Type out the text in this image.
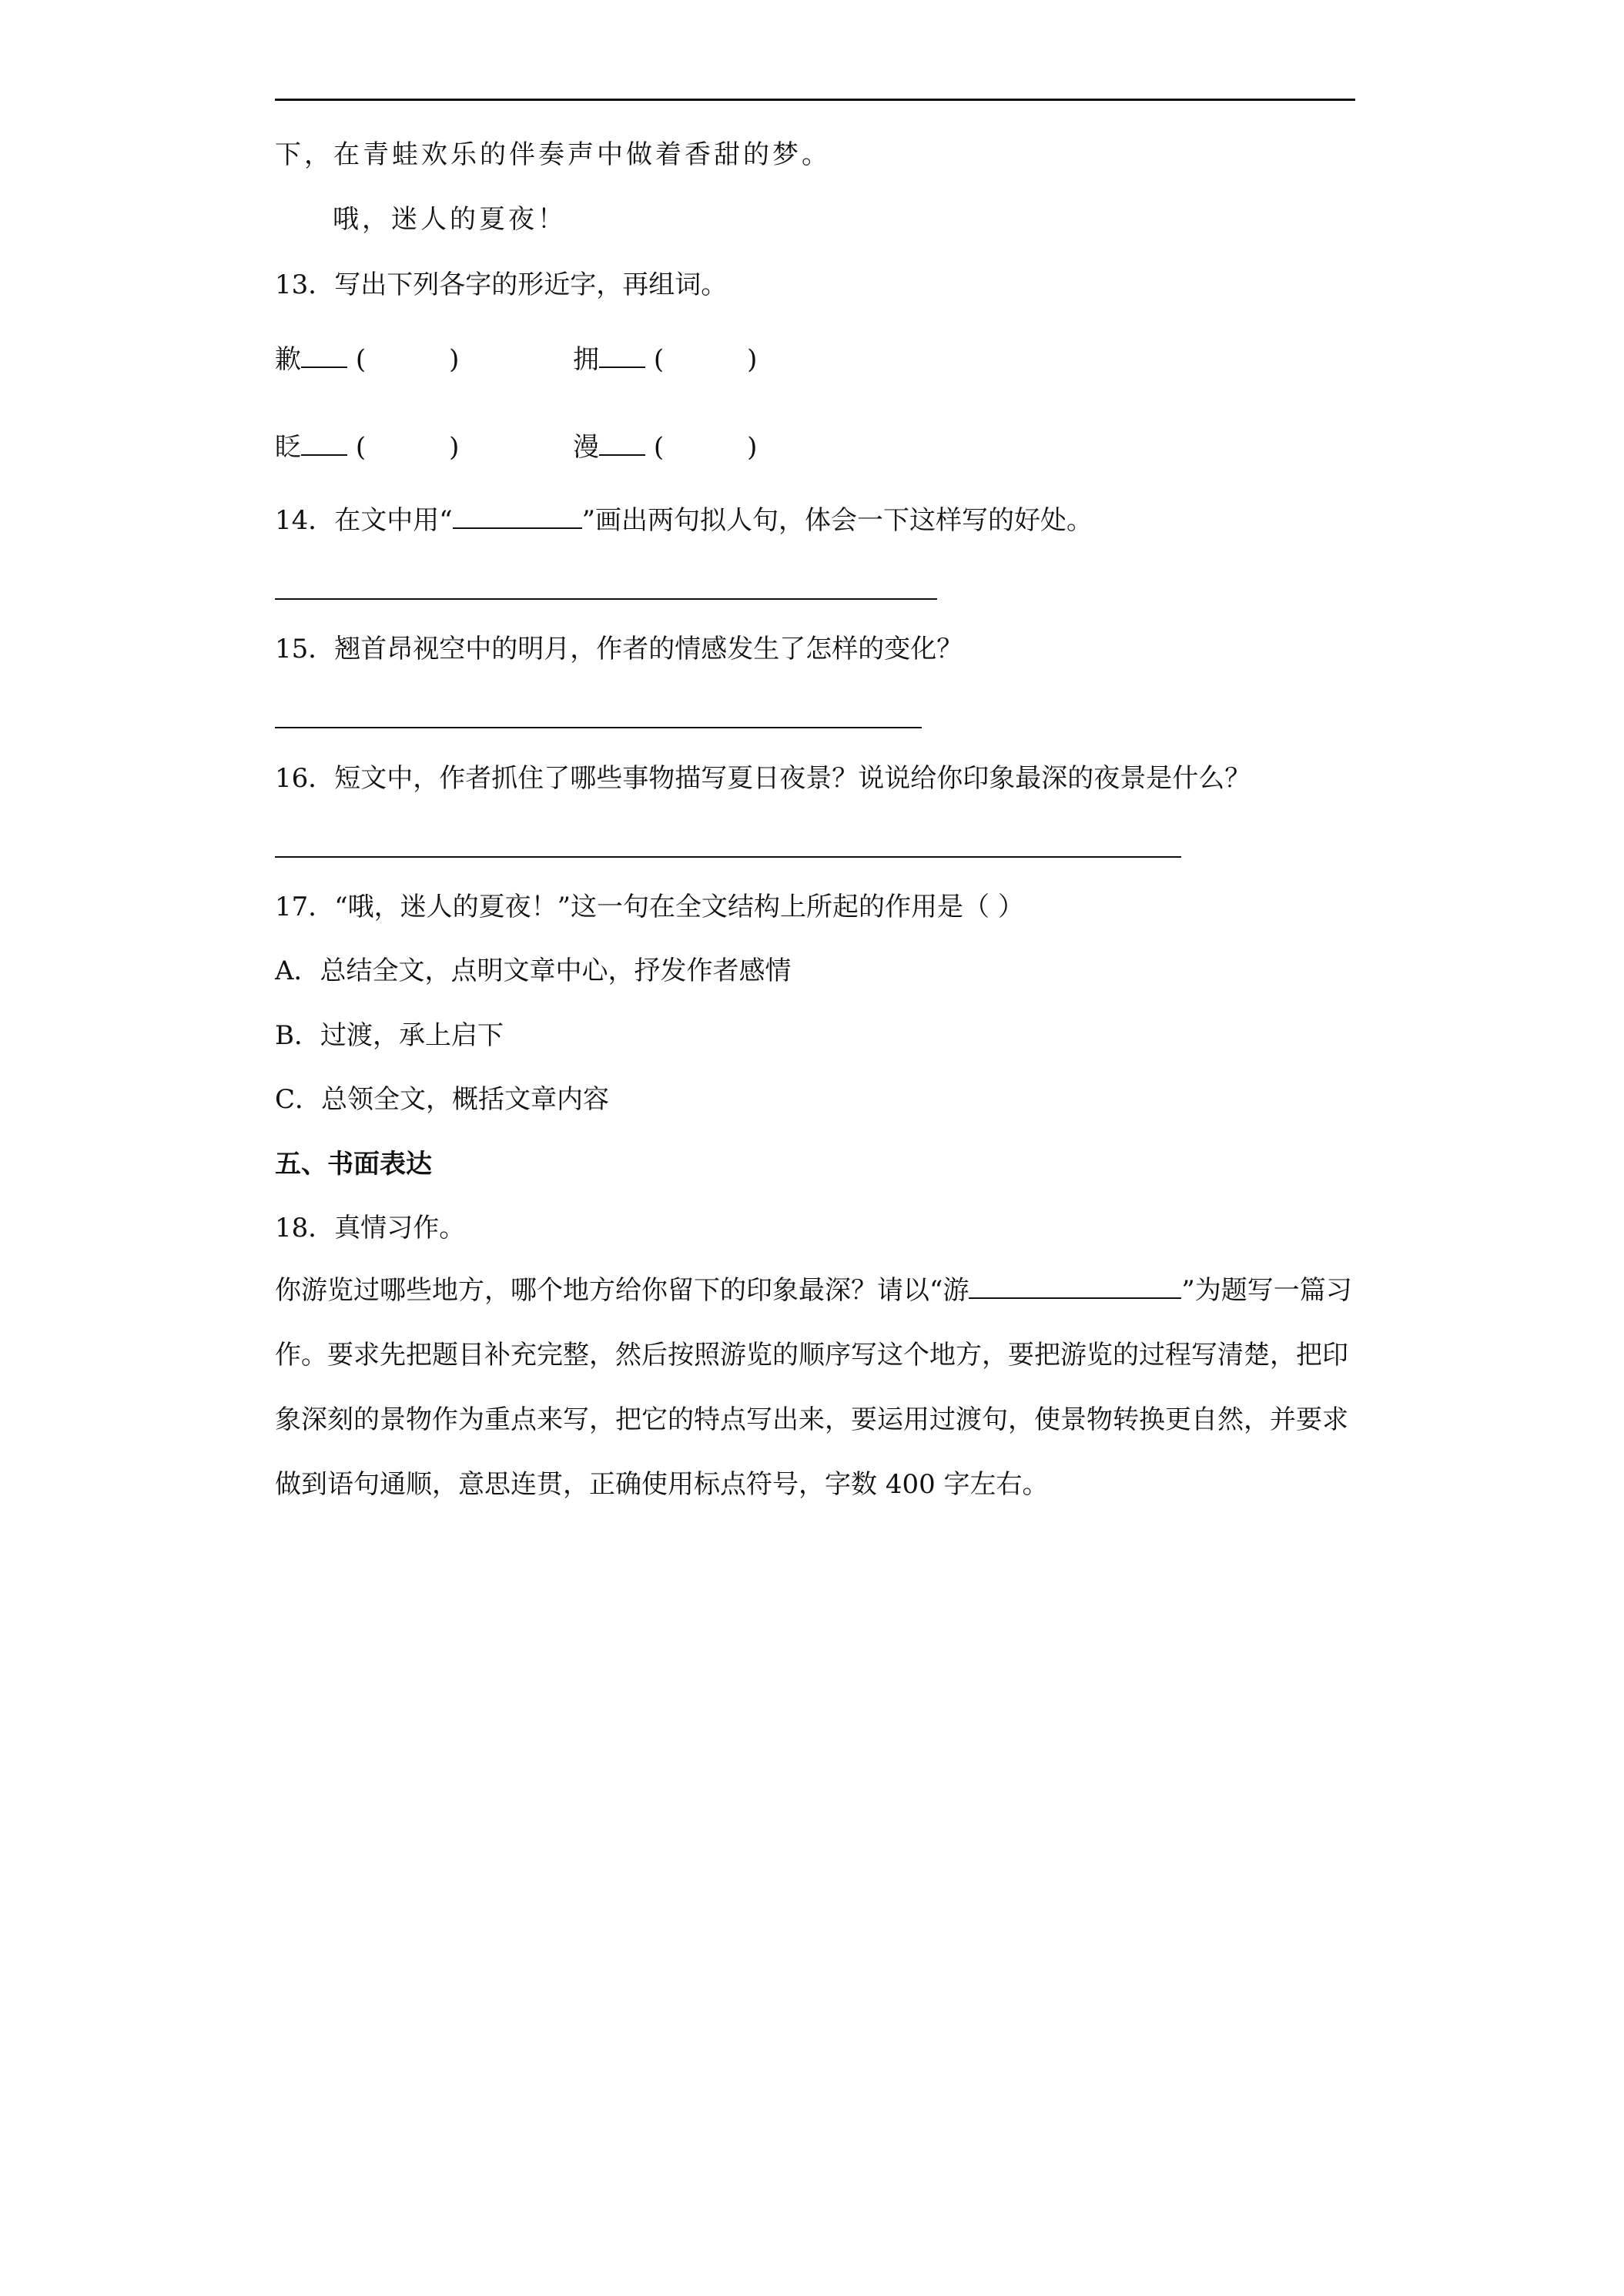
下，在青蛙欢乐的伴奏声中做着香甜的梦。
哦，迷人的夏夜！
13．写出下列各字的形近字，再组词。
歉 (	)	拥 (	)
眨 (	)	漫 (	)
14．在文中用“	”画出两句拟人句，体会一下这样写的好处。
15．翘首昂视空中的明月，作者的情感发生了怎样的变化？
16．短文中，作者抓住了哪些事物描写夏日夜景？说说给你印象最深的夜景是什么？
17．“哦，迷人的夏夜！”这一句在全文结构上所起的作用是（ ）
A．总结全文，点明文章中心，抒发作者感情
B．过渡，承上启下
C．总领全文，概括文章内容
五、书面表达
18．真情习作。
你游览过哪些地方，哪个地方给你留下的印象最深？请以“游	”为题写一篇习作。要求先把题目补充完整，然后按照游览的顺序写这个地方，要把游览的过程写清楚，把印象深刻的景物作为重点来写，把它的特点写出来，要运用过渡句，使景物转换更自然，并要求做到语句通顺，意思连贯，正确使用标点符号，字数 400 字左右。
